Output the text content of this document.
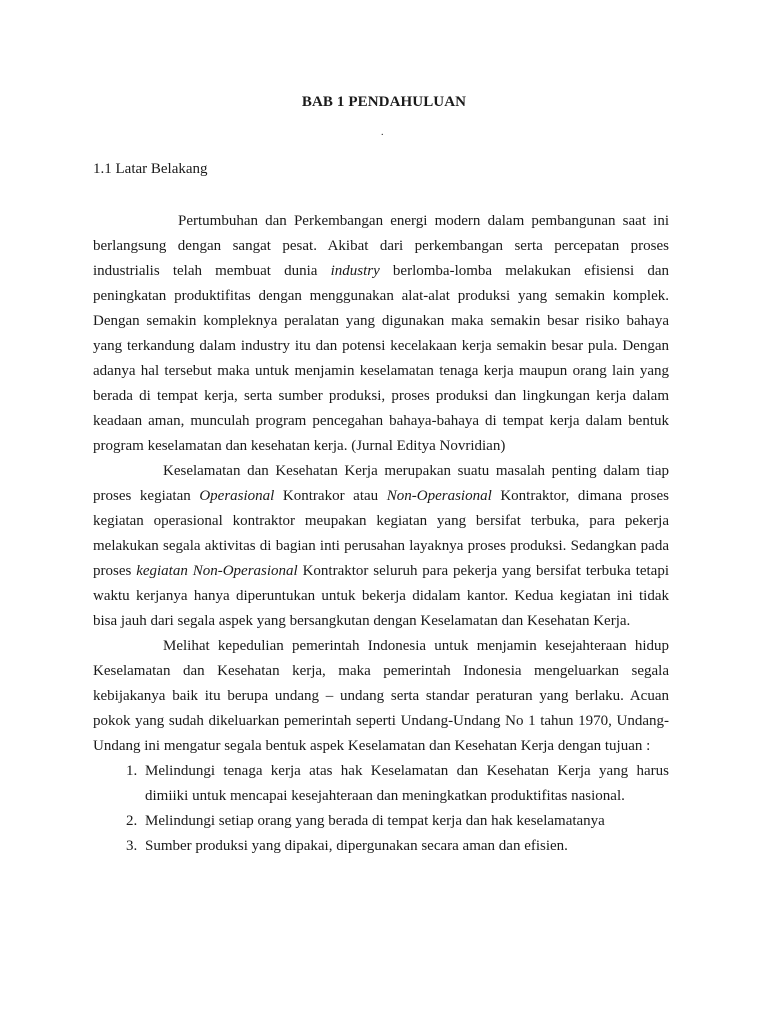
BAB 1 PENDAHULUAN
.
1.1 Latar Belakang

Pertumbuhan dan Perkembangan energi modern dalam pembangunan saat ini berlangsung dengan sangat pesat. Akibat dari perkembangan serta percepatan proses industrialis telah membuat dunia industry berlomba-lomba melakukan efisiensi dan peningkatan produktifitas dengan menggunakan alat-alat produksi yang semakin komplek. Dengan semakin kompleknya peralatan yang digunakan maka semakin besar risiko bahaya yang terkandung dalam industry itu dan potensi kecelakaan kerja semakin besar pula. Dengan adanya hal tersebut maka untuk menjamin keselamatan tenaga kerja maupun orang lain yang berada di tempat kerja, serta sumber produksi, proses produksi dan lingkungan kerja dalam keadaan aman, munculah program pencegahan bahaya-bahaya di tempat kerja dalam bentuk program keselamatan dan kesehatan kerja. (Jurnal Editya Novridian)

Keselamatan dan Kesehatan Kerja merupakan suatu masalah penting dalam tiap proses kegiatan Operasional Kontrakor atau Non-Operasional Kontraktor, dimana proses kegiatan operasional kontraktor meupakan kegiatan yang bersifat terbuka, para pekerja melakukan segala aktivitas di bagian inti perusahan layaknya proses produksi. Sedangkan pada proses kegiatan Non-Operasional Kontraktor seluruh para pekerja yang bersifat terbuka tetapi waktu kerjanya hanya diperuntukan untuk bekerja didalam kantor. Kedua kegiatan ini tidak bisa jauh dari segala aspek yang bersangkutan dengan Keselamatan dan Kesehatan Kerja.

Melihat kepedulian pemerintah Indonesia untuk menjamin kesejahteraan hidup Keselamatan dan Kesehatan kerja, maka pemerintah Indonesia mengeluarkan segala kebijakanya baik itu berupa undang – undang serta standar peraturan yang berlaku. Acuan pokok yang sudah dikeluarkan pemerintah seperti Undang-Undang No 1 tahun 1970, Undang- Undang ini mengatur segala bentuk aspek Keselamatan dan Kesehatan Kerja dengan tujuan :

1. Melindungi tenaga kerja atas hak Keselamatan dan Kesehatan Kerja yang harus dimiiki untuk mencapai kesejahteraan dan meningkatkan produktifitas nasional.
2. Melindungi setiap orang yang berada di tempat kerja dan hak keselamatanya
3. Sumber produksi yang dipakai, dipergunakan secara aman dan efisien.
